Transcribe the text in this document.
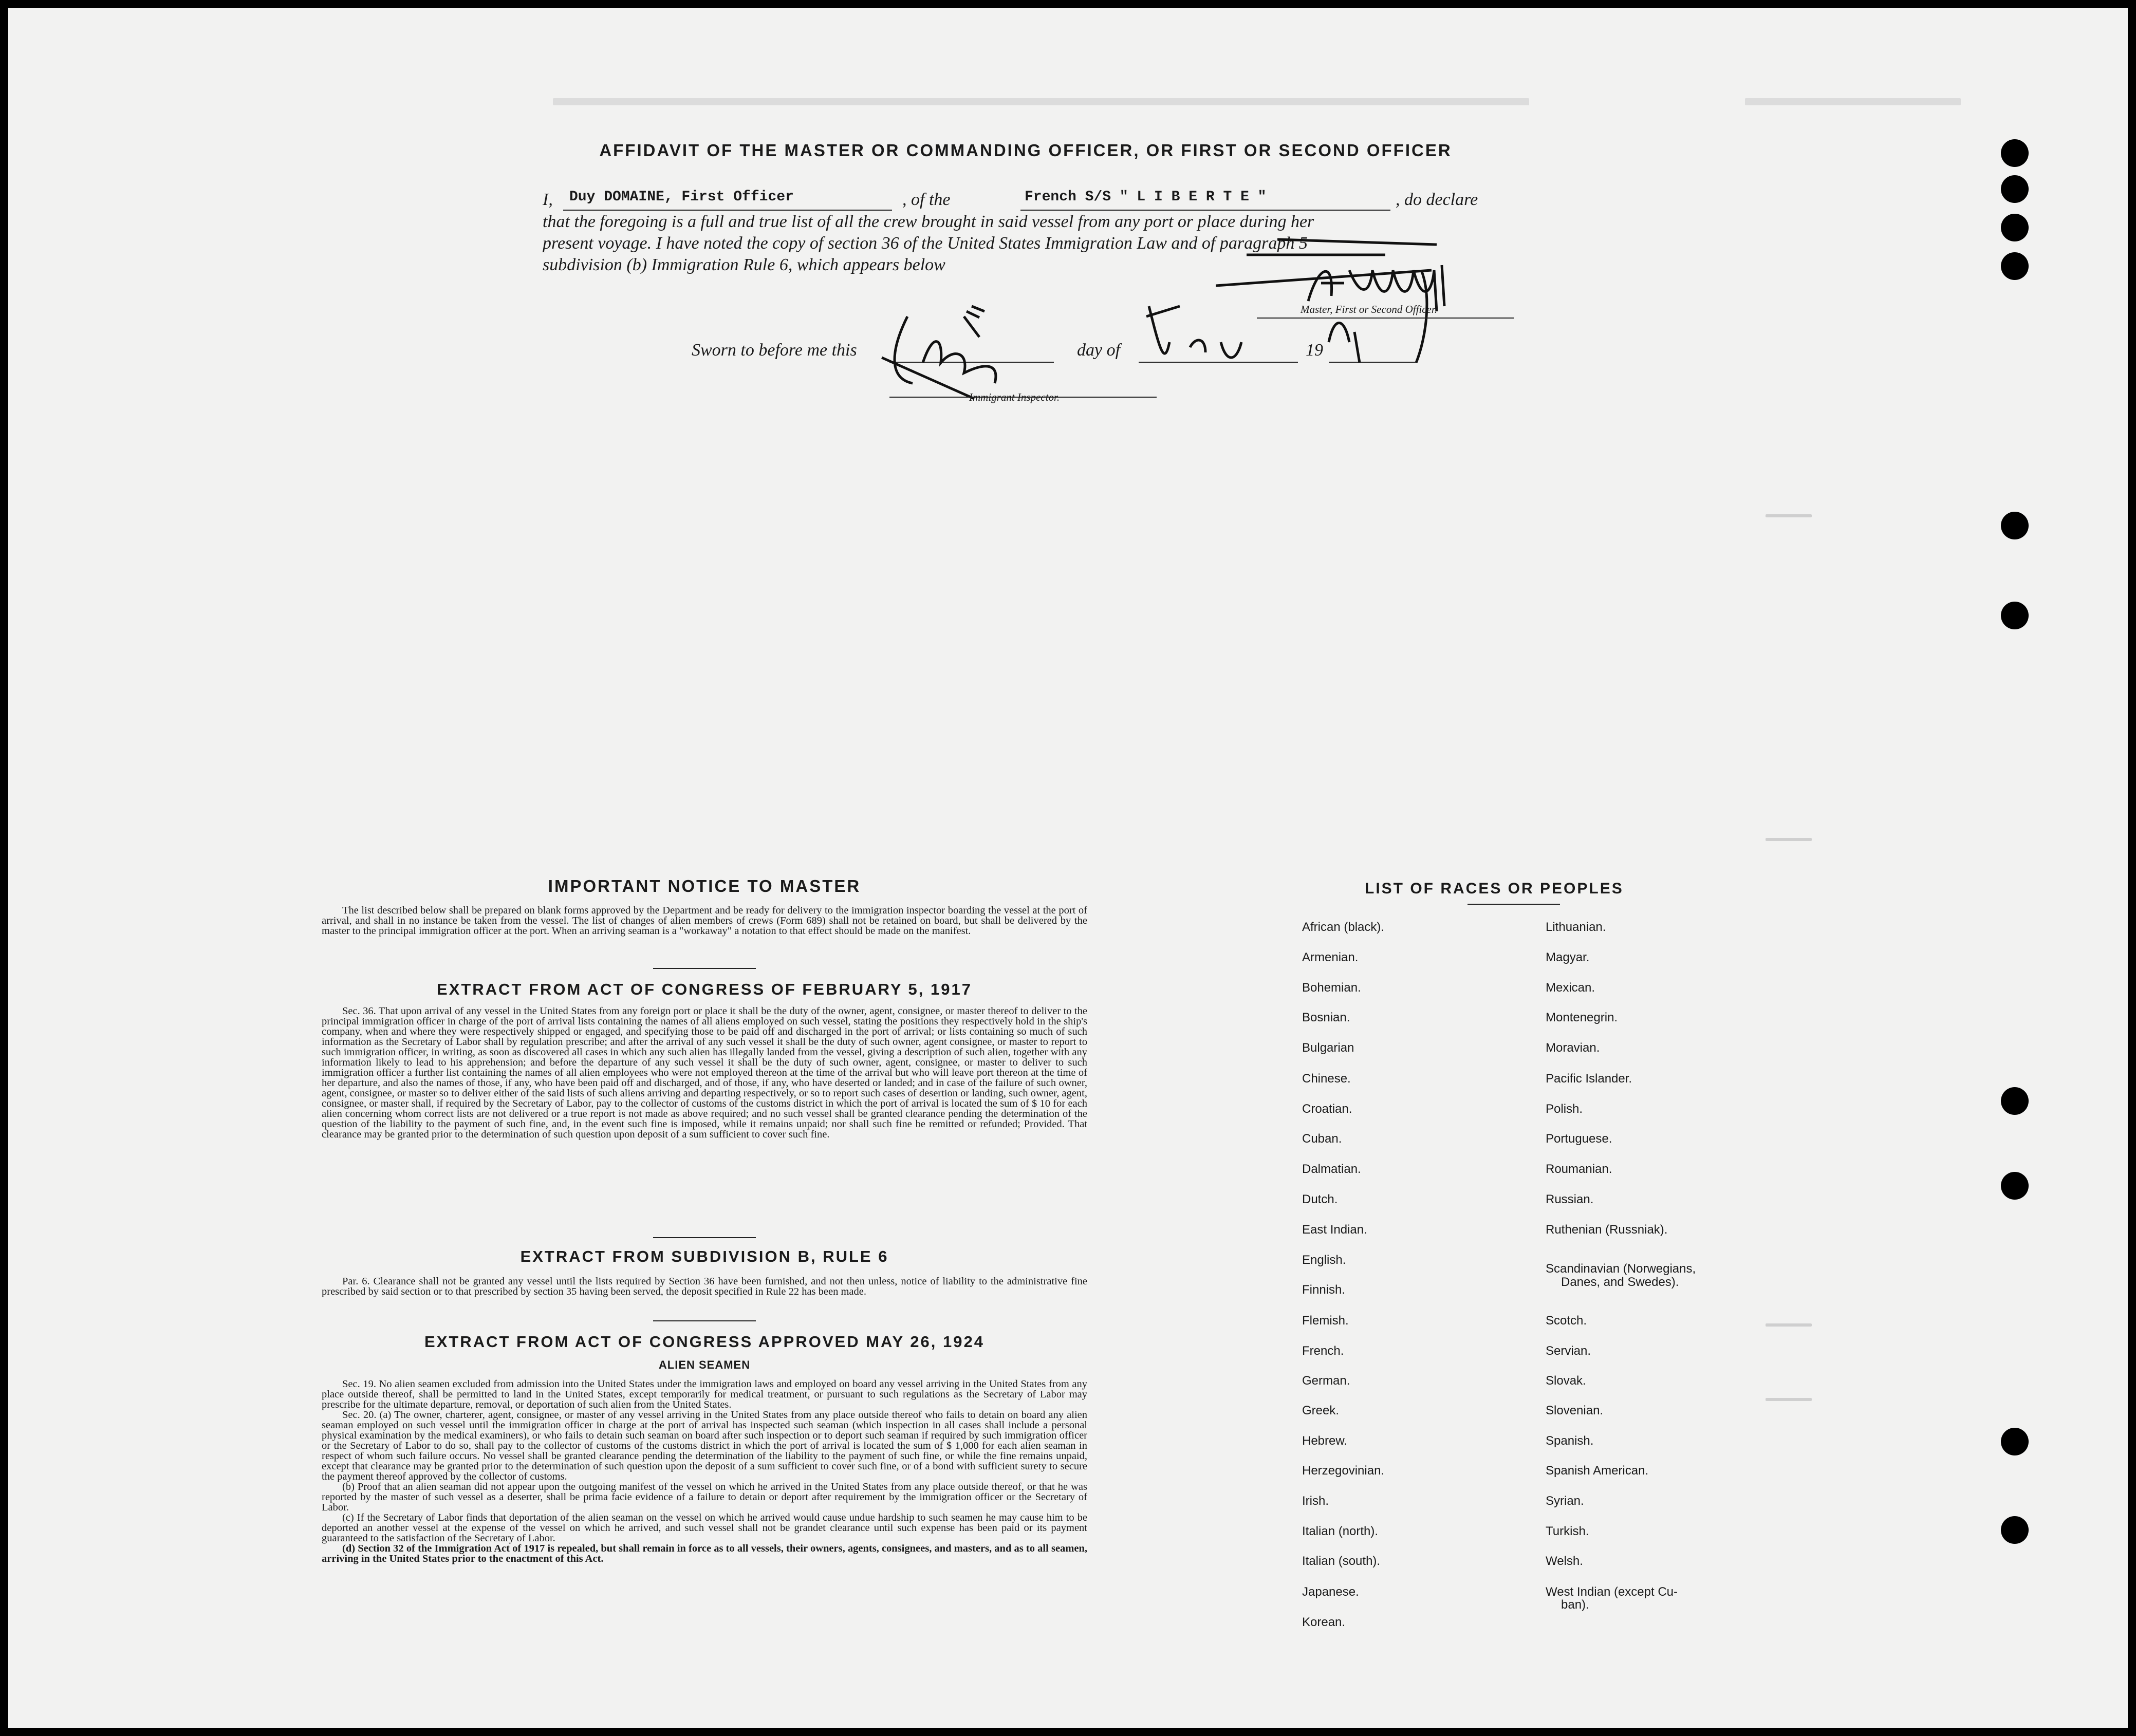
AFFIDAVIT OF THE MASTER OR COMMANDING OFFICER, OR FIRST OR SECOND OFFICER
I, Duy DOMAINE, First Officer	, of the	French S/S " L I B E R T E "	, do declare
that the foregoing is a full and true list of all the crew brought in said vessel from any port or place during her
present voyage. I have noted the copy of section 36 of the United States Immigration Law and of paragraph 5
subdivision (b) Immigration Rule 6, which appears below
Master, First or Second Officer.
Sworn to before me this	day of	19
Immigrant Inspector.
IMPORTANT NOTICE TO MASTER
The list described below shall be prepared on blank forms approved by the Department and be ready for delivery to the immigration inspector boarding the vessel at the port of arrival, and shall in no instance be taken from the vessel. The list of changes of alien members of crews (Form 689) shall not be retained on board, but shall be delivered by the master to the principal immigration officer at the port. When an arriving seaman is a "workaway" a notation to that effect should be made on the manifest.
EXTRACT FROM ACT OF CONGRESS OF FEBRUARY 5, 1917
Sec. 36. That upon arrival of any vessel in the United States from any foreign port or place it shall be the duty of the owner, agent, consignee, or master thereof to deliver to the principal immigration officer in charge of the port of arrival lists containing the names of all aliens employed on such vessel, stating the positions they respectively hold in the ship's company, when and where they were respectively shipped or engaged, and specifying those to be paid off and discharged in the port of arrival; or lists containing so much of such information as the Secretary of Labor shall by regulation prescribe; and after the arrival of any such vessel it shall be the duty of such owner, agent consignee, or master to report to such immigration officer, in writing, as soon as discovered all cases in which any such alien has illegally landed from the vessel, giving a description of such alien, together with any information likely to lead to his apprehension; and before the departure of any such vessel it shall be the duty of such owner, agent, consignee, or master to deliver to such immigration officer a further list containing the names of all alien employees who were not employed thereon at the time of the arrival but who will leave port thereon at the time of her departure, and also the names of those, if any, who have been paid off and discharged, and of those, if any, who have deserted or landed; and in case of the failure of such owner, agent, consignee, or master so to deliver either of the said lists of such aliens arriving and departing respectively, or so to report such cases of desertion or landing, such owner, agent, consignee, or master shall, if required by the Secretary of Labor, pay to the collector of customs of the customs district in which the port of arrival is located the sum of $ 10 for each alien concerning whom correct lists are not delivered or a true report is not made as above required; and no such vessel shall be granted clearance pending the determination of the question of the liability to the payment of such fine, and, in the event such fine is imposed, while it remains unpaid; nor shall such fine be remitted or refunded; Provided. That clearance may be granted prior to the determination of such question upon deposit of a sum sufficient to cover such fine.
EXTRACT FROM SUBDIVISION B, RULE 6
Par. 6. Clearance shall not be granted any vessel until the lists required by Section 36 have been furnished, and not then unless, notice of liability to the administrative fine prescribed by said section or to that prescribed by section 35 having been served, the deposit specified in Rule 22 has been made.
EXTRACT FROM ACT OF CONGRESS APPROVED MAY 26, 1924
ALIEN SEAMEN
Sec. 19. No alien seamen excluded from admission into the United States under the immigration laws and employed on board any vessel arriving in the United States from any place outside thereof, shall be permitted to land in the United States, except temporarily for medical treatment, or pursuant to such regulations as the Secretary of Labor may prescribe for the ultimate departure, removal, or deportation of such alien from the United States.
Sec. 20. (a) The owner, charterer, agent, consignee, or master of any vessel arriving in the United States from any place outside thereof who fails to detain on board any alien seaman employed on such vessel until the immigration officer in charge at the port of arrival has inspected such seaman (which inspection in all cases shall include a personal physical examination by the medical examiners), or who fails to detain such seaman on board after such inspection or to deport such seaman if required by such immigration officer or the Secretary of Labor to do so, shall pay to the collector of customs of the customs district in which the port of arrival is located the sum of $ 1,000 for each alien seaman in respect of whom such failure occurs. No vessel shall be granted clearance pending the determination of the liability to the payment of such fine, or while the fine remains unpaid, except that clearance may be granted prior to the determination of such question upon the deposit of a sum sufficient to cover such fine, or of a bond with sufficient surety to secure the payment thereof approved by the collector of customs.
(b) Proof that an alien seaman did not appear upon the outgoing manifest of the vessel on which he arrived in the United States from any place outside thereof, or that he was reported by the master of such vessel as a deserter, shall be prima facie evidence of a failure to detain or deport after requirement by the immigration officer or the Secretary of Labor.
(c) If the Secretary of Labor finds that deportation of the alien seaman on the vessel on which he arrived would cause undue hardship to such seamen he may cause him to be deported an another vessel at the expense of the vessel on which he arrived, and such vessel shall not be grandet clearance until such expense has been paid or its payment guaranteed to the satisfaction of the Secretary of Labor.
(d) Section 32 of the Immigration Act of 1917 is repealed, but shall remain in force as to all vessels, their owners, agents, consignees, and masters, and as to all seamen, arriving in the United States prior to the enactment of this Act.
LIST OF RACES OR PEOPLES
African (black).
Armenian.
Bohemian.
Bosnian.
Bulgarian
Chinese.
Croatian.
Cuban.
Dalmatian.
Dutch.
East Indian.
English.
Finnish.
Flemish.
French.
German.
Greek.
Hebrew.
Herzegovinian.
Irish.
Italian (north).
Italian (south).
Japanese.
Korean.
Lithuanian.
Magyar.
Mexican.
Montenegrin.
Moravian.
Pacific Islander.
Polish.
Portuguese.
Roumanian.
Russian.
Ruthenian (Russniak).
Scandinavian (Norwegians,
Danes, and Swedes).
Scotch.
Servian.
Slovak.
Slovenian.
Spanish.
Spanish American.
Syrian.
Turkish.
Welsh.
West Indian (except Cu-
ban).
